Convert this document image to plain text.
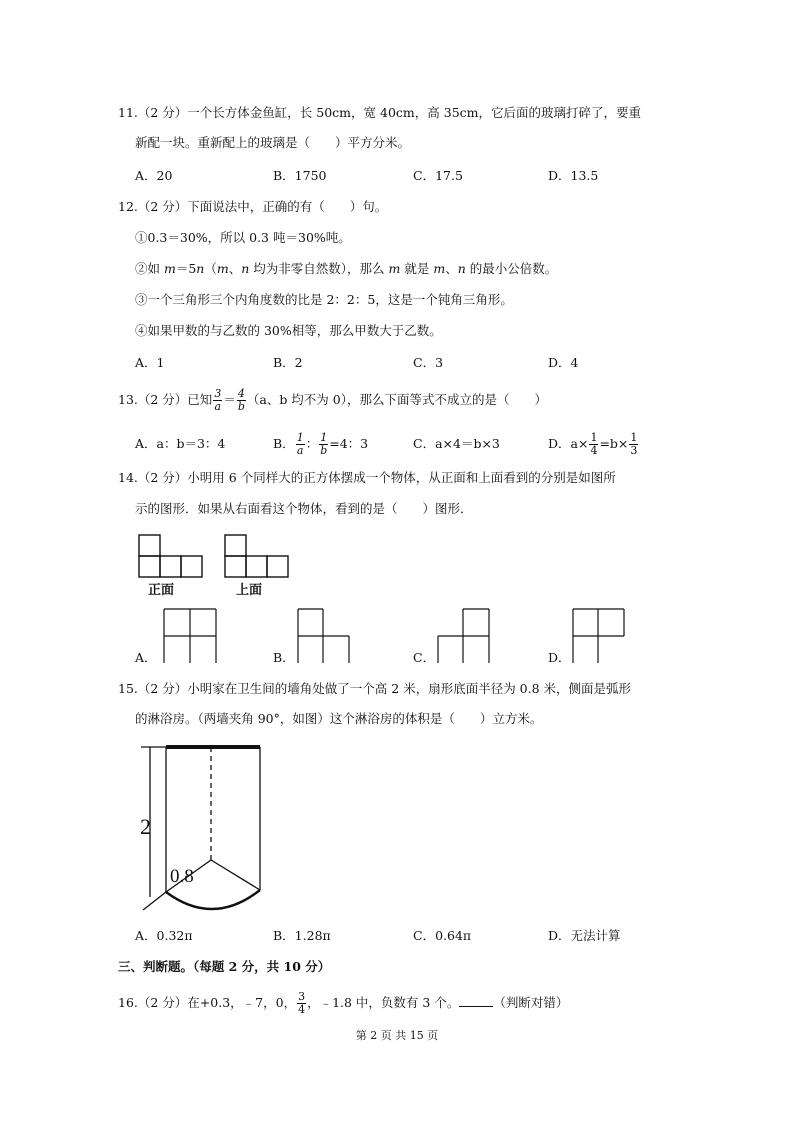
11.（2 分）一个长方体金鱼缸，长 50cm，宽 40cm，高 35cm，它后面的玻璃打碎了，要重
新配一块。重新配上的玻璃是（　　）平方分米。
A．20	B．1750	C．17.5	D．13.5
12.（2 分）下面说法中，正确的有（　　）句。
①0.3＝30%，所以 0.3 吨＝30%吨。
②如 m＝5n（m、n 均为非零自然数），那么 m 就是 m、n 的最小公倍数。
③一个三角形三个内角度数的比是 2：2：5，这是一个钝角三角形。
④如果甲数的与乙数的 30%相等，那么甲数大于乙数。
A．1	B．2	C．3	D．4
13.（2 分）已知 $\frac{3}{a} = \frac{4}{b} (a$、b 均不为 0），那么下面等式不成立的是（　　）
A．a：b＝3：4	B． $\frac{1}{a}$ ： $\frac{1}{b} =4$：3	C．a×4＝b×3	D．$a\times \frac{1}{4} =b\times \frac{1}{3}$
14.（2 分）小明用 6 个同样大的正方体摆成一个物体，从正面和上面看到的分别是如图所
示的图形．如果从右面看这个物体，看到的是（　　）图形．
正面	上面
A．	B．	C．	D．
15.（2 分）小明家在卫生间的墙角处做了一个高 2 米，扇形底面半径为 0.8 米，侧面是弧形
的淋浴房。（两墙夹角 90°，如图）这个淋浴房的体积是（　　）立方米。
2
0.8
A．0.32π	B．1.28π	C．0.64π	D．无法计算
三、判断题。（每题 2 分，共 10 分）
16.（2 分）在+0.3，﹣7，0， $\frac{3}{4}$ ，﹣1.8 中，负数有 3 个。	（判断对错）
第 2 页 共 15 页
